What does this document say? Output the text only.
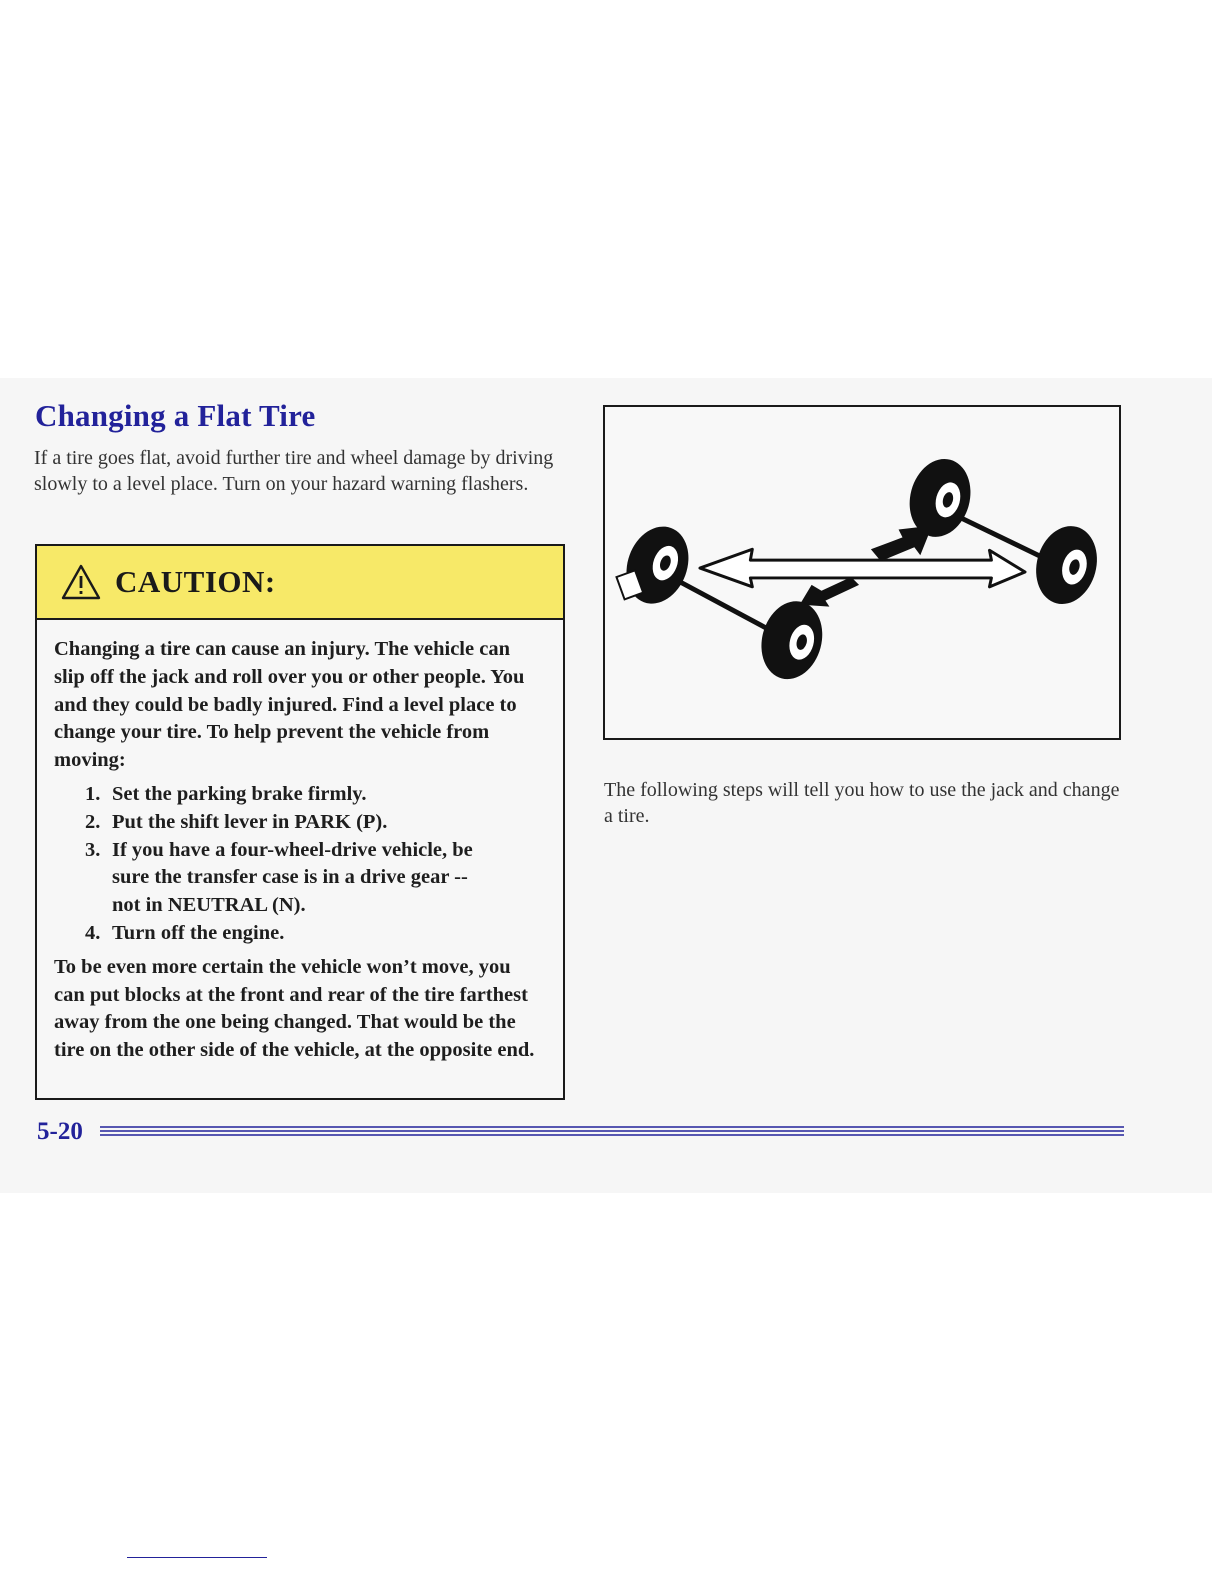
Changing a Flat Tire

If a tire goes flat, avoid further tire and wheel damage by driving slowly to a level place. Turn on your hazard warning flashers.

CAUTION:

Changing a tire can cause an injury. The vehicle can slip off the jack and roll over you or other people. You and they could be badly injured. Find a level place to change your tire. To help prevent the vehicle from moving:

1. Set the parking brake firmly.
2. Put the shift lever in PARK (P).
3. If you have a four-wheel-drive vehicle, be sure the transfer case is in a drive gear -- not in NEUTRAL (N).
4. Turn off the engine.

To be even more certain the vehicle won’t move, you can put blocks at the front and rear of the tire farthest away from the one being changed. That would be the tire on the other side of the vehicle, at the opposite end.

The following steps will tell you how to use the jack and change a tire.

5-20
